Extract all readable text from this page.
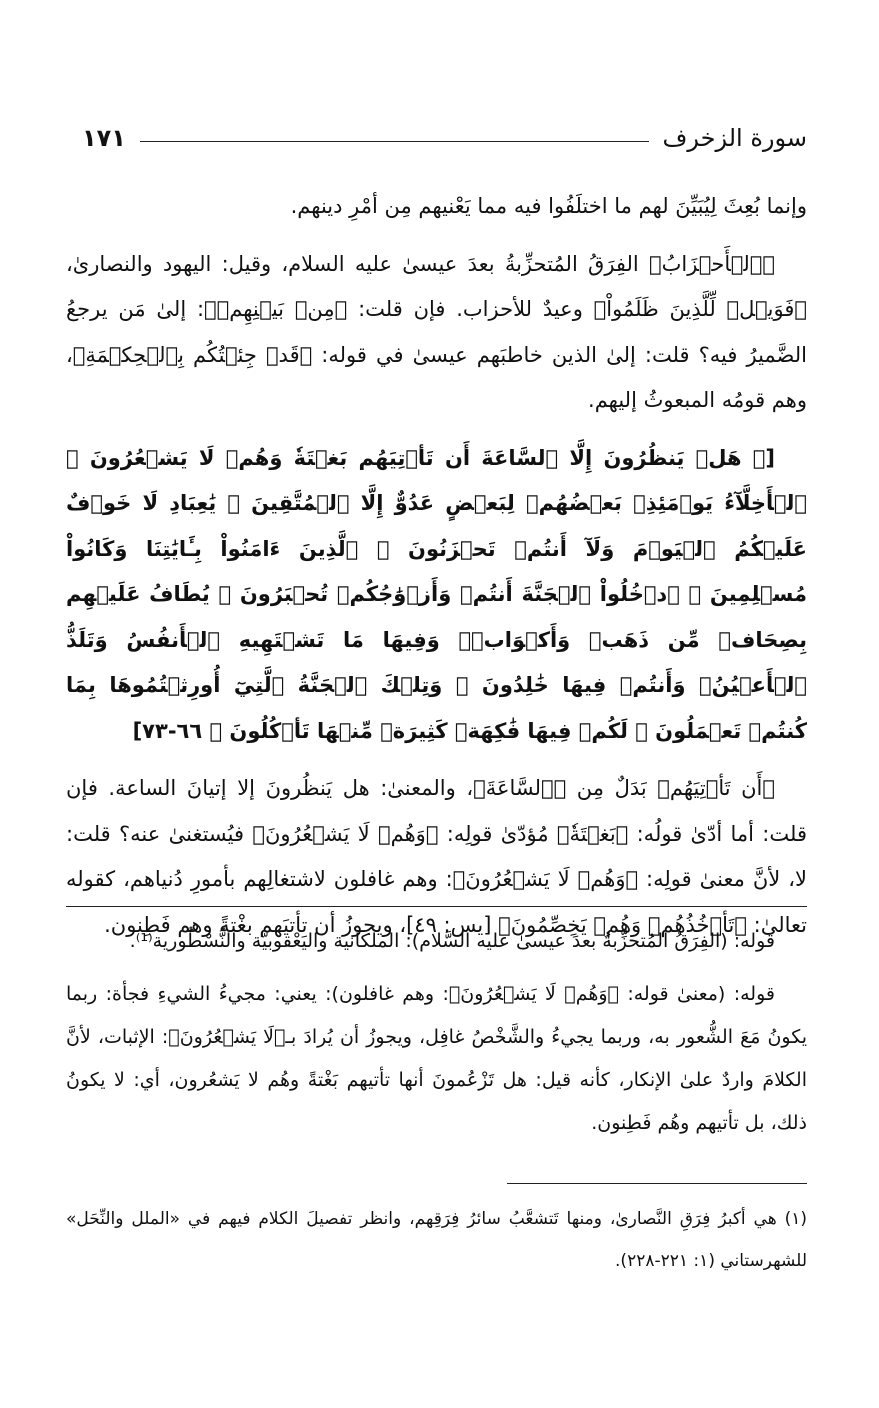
سورة الزخرف
١٧١

وإنما بُعِثَ لِيُبَيِّنَ لهم ما اختلَفُوا فيه مما يَعْنيهم مِن أمْرِ دينهم.

﴿ٱلۡأَحۡزَابُ﴾ الفِرَقُ المُتحزِّبةُ بعدَ عيسىٰ عليه السلام، وقيل: اليهود والنصارىٰ، ﴿فَوَيۡلٞ لِّلَّذِينَ ظَلَمُواْ﴾ وعيدٌ للأحزاب. فإن قلت: ﴿مِنۢ بَيۡنِهِمۡ﴾: إلىٰ مَن يرجعُ الضَّميرُ فيه؟ قلت: إلىٰ الذين خاطبَهم عيسىٰ في قوله: ﴿قَدۡ جِئۡتُكُم بِٱلۡحِكۡمَةِ﴾، وهم قومُه المبعوثُ إليهم.

[﴿ هَلۡ يَنظُرُونَ إِلَّا ٱلسَّاعَةَ أَن تَأۡتِيَهُم بَغۡتَةٗ وَهُمۡ لَا يَشۡعُرُونَ ۞ ٱلۡأَخِلَّآءُ يَوۡمَئِذِۭ بَعۡضُهُمۡ لِبَعۡضٍ عَدُوٌّ إِلَّا ٱلۡمُتَّقِينَ ۞ يَٰعِبَادِ لَا خَوۡفٌ عَلَيۡكُمُ ٱلۡيَوۡمَ وَلَآ أَنتُمۡ تَحۡزَنُونَ ۞ ٱلَّذِينَ ءَامَنُواْ بِـَٔايَٰتِنَا وَكَانُواْ مُسۡلِمِينَ ۞ ٱدۡخُلُواْ ٱلۡجَنَّةَ أَنتُمۡ وَأَزۡوَٰجُكُمۡ تُحۡبَرُونَ ۞ يُطَافُ عَلَيۡهِم بِصِحَافٖ مِّن ذَهَبٖ وَأَكۡوَابٖۖ وَفِيهَا مَا تَشۡتَهِيهِ ٱلۡأَنفُسُ وَتَلَذُّ ٱلۡأَعۡيُنُۖ وَأَنتُمۡ فِيهَا خَٰلِدُونَ ۞ وَتِلۡكَ ٱلۡجَنَّةُ ٱلَّتِيٓ أُورِثۡتُمُوهَا بِمَا كُنتُمۡ تَعۡمَلُونَ ۞ لَكُمۡ فِيهَا فَٰكِهَةٞ كَثِيرَةٞ مِّنۡهَا تَأۡكُلُونَ ﴾ ٦٦-٧٣]

﴿أَن تَأۡتِيَهُم﴾ بَدَلٌ مِن ﴿ٱلسَّاعَةَ﴾، والمعنىٰ: هل يَنظُرونَ إلا إتيانَ الساعة. فإن قلت: أما أدّىٰ قولُه: ﴿بَغۡتَةٗ﴾ مُؤدّىٰ قولِه: ﴿وَهُمۡ لَا يَشۡعُرُونَ﴾ فيُستغنىٰ عنه؟ قلت: لا، لأنَّ معنىٰ قولِه: ﴿وَهُمۡ لَا يَشۡعُرُونَ﴾: وهم غافلون لاشتغالِهم بأمورِ دُنياهم، كقوله تعالىٰ: ﴿تَأۡخُذُهُمۡ وَهُمۡ يَخِصِّمُونَ﴾ [يس: ٤٩]، ويجوزُ أن تأتيَهم بغْتةً وهم فَطِنون.

قوله: (الفِرَقُ المُتحزِّبةُ بعدَ عيسىٰ عليه السَّلام): الملكانية واليَعْقوبيّة والنُّسْطُورية⁽¹⁾.

قوله: (معنىٰ قوله: ﴿وَهُمۡ لَا يَشۡعُرُونَ﴾: وهم غافلون): يعني: مجيءُ الشيءِ فجأة: ربما يكونُ مَعَ الشُّعور به، وربما يجيءُ والشَّخْصُ غافِل، ويجوزُ أن يُرادَ بـ﴿لَا يَشۡعُرُونَ﴾: الإثبات، لأنَّ الكلامَ واردٌ علىٰ الإنكار، كأنه قيل: هل تَزْعُمونَ أنها تأتيهم بَغْتةً وهُم لا يَشعُرون، أي: لا يكونُ ذلك، بل تأتيهم وهُم فَطِنون.

(١) هي أكبرُ فِرَقِ النَّصارىٰ، ومنها تَتشعَّبُ سائرُ فِرَقِهم، وانظر تفصيلَ الكلام فيهم في «الملل والنِّحَل» للشهرستاني (١: ٢٢١-٢٢٨).
